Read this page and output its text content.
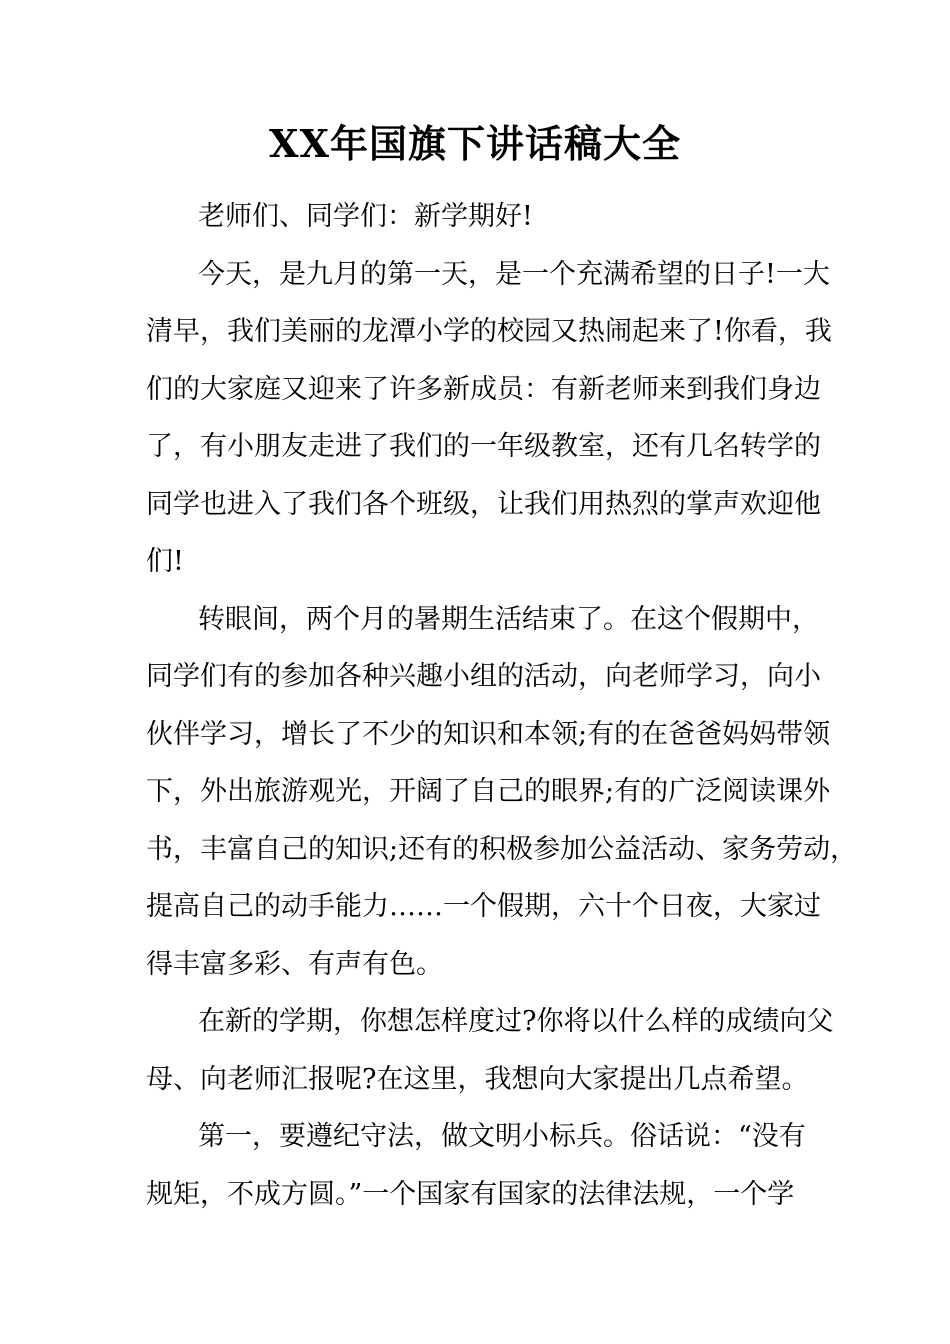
XX年国旗下讲话稿大全
老师们、同学们：新学期好!
今天，是九月的第一天，是一个充满希望的日子!一大
清早，我们美丽的龙潭小学的校园又热闹起来了!你看，我
们的大家庭又迎来了许多新成员：有新老师来到我们身边
了，有小朋友走进了我们的一年级教室，还有几名转学的
同学也进入了我们各个班级，让我们用热烈的掌声欢迎他
们!
转眼间，两个月的暑期生活结束了。在这个假期中，
同学们有的参加各种兴趣小组的活动，向老师学习，向小
伙伴学习，增长了不少的知识和本领;有的在爸爸妈妈带领
下，外出旅游观光，开阔了自己的眼界;有的广泛阅读课外
书，丰富自己的知识;还有的积极参加公益活动、家务劳动，
提高自己的动手能力……一个假期，六十个日夜，大家过
得丰富多彩、有声有色。
在新的学期，你想怎样度过?你将以什么样的成绩向父
母、向老师汇报呢?在这里，我想向大家提出几点希望。
第一，要遵纪守法，做文明小标兵。俗话说：“没有
规矩，不成方圆。”一个国家有国家的法律法规，一个学
